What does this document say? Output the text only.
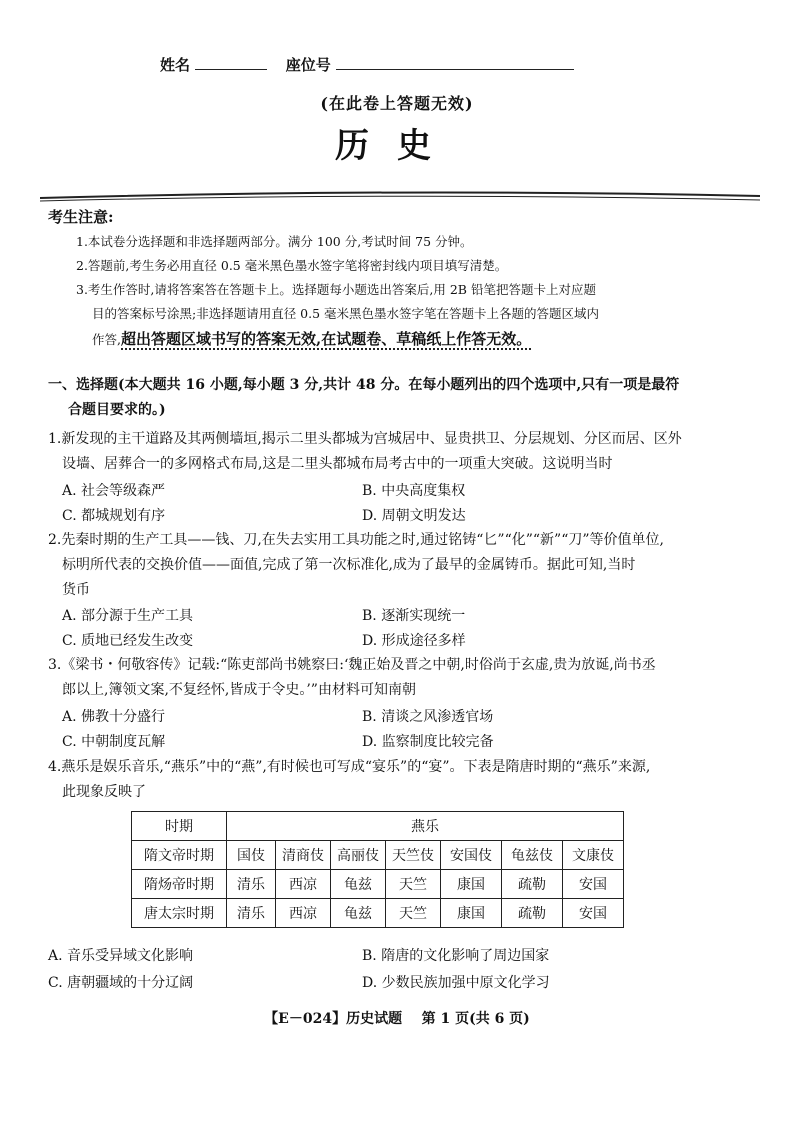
姓名	座位号
(在此卷上答题无效)
历史
考生注意:
1.本试卷分选择题和非选择题两部分。满分 100 分,考试时间 75 分钟。
2.答题前,考生务必用直径 0.5 毫米黑色墨水签字笔将密封线内项目填写清楚。
3.考生作答时,请将答案答在答题卡上。选择题每小题选出答案后,用 2B 铅笔把答题卡上对应题
目的答案标号涂黑;非选择题请用直径 0.5 毫米黑色墨水签字笔在答题卡上各题的答题区域内
作答,超出答题区域书写的答案无效,在试题卷、草稿纸上作答无效。
一、选择题(本大题共 16 小题,每小题 3 分,共计 48 分。在每小题列出的四个选项中,只有一项是最符
合题目要求的。)
1.新发现的主干道路及其两侧墙垣,揭示二里头都城为宫城居中、显贵拱卫、分层规划、分区而居、区外
设墙、居葬合一的多网格式布局,这是二里头都城布局考古中的一项重大突破。这说明当时
A. 社会等级森严	B. 中央高度集权
C. 都城规划有序	D. 周朝文明发达
2.先秦时期的生产工具——钱、刀,在失去实用工具功能之时,通过铭铸“匕”“化”“新”“刀”等价值单位,
标明所代表的交换价值——面值,完成了第一次标准化,成为了最早的金属铸币。据此可知,当时
货币
A. 部分源于生产工具	B. 逐渐实现统一
C. 质地已经发生改变	D. 形成途径多样
3.《梁书・何敬容传》记载:“陈吏部尚书姚察曰:‘魏正始及晋之中朝,时俗尚于玄虚,贵为放诞,尚书丞
郎以上,簿领文案,不复经怀,皆成于令史。’”由材料可知南朝
A. 佛教十分盛行	B. 清谈之风渗透官场
C. 中朝制度瓦解	D. 监察制度比较完备
4.燕乐是娱乐音乐,“燕乐”中的“燕”,有时候也可写成“宴乐”的“宴”。下表是隋唐时期的“燕乐”来源,
此现象反映了
时期	燕乐						
隋文帝时期	国伎	清商伎	高丽伎	天竺伎	安国伎	龟兹伎	文康伎
隋炀帝时期	清乐	西凉	龟兹	天竺	康国	疏勒	安国
唐太宗时期	清乐	西凉	龟兹	天竺	康国	疏勒	安国
A. 音乐受异域文化影响	B. 隋唐的文化影响了周边国家
C. 唐朝疆域的十分辽阔	D. 少数民族加强中原文化学习
【E－024】历史试题 第 1 页(共 6 页)
